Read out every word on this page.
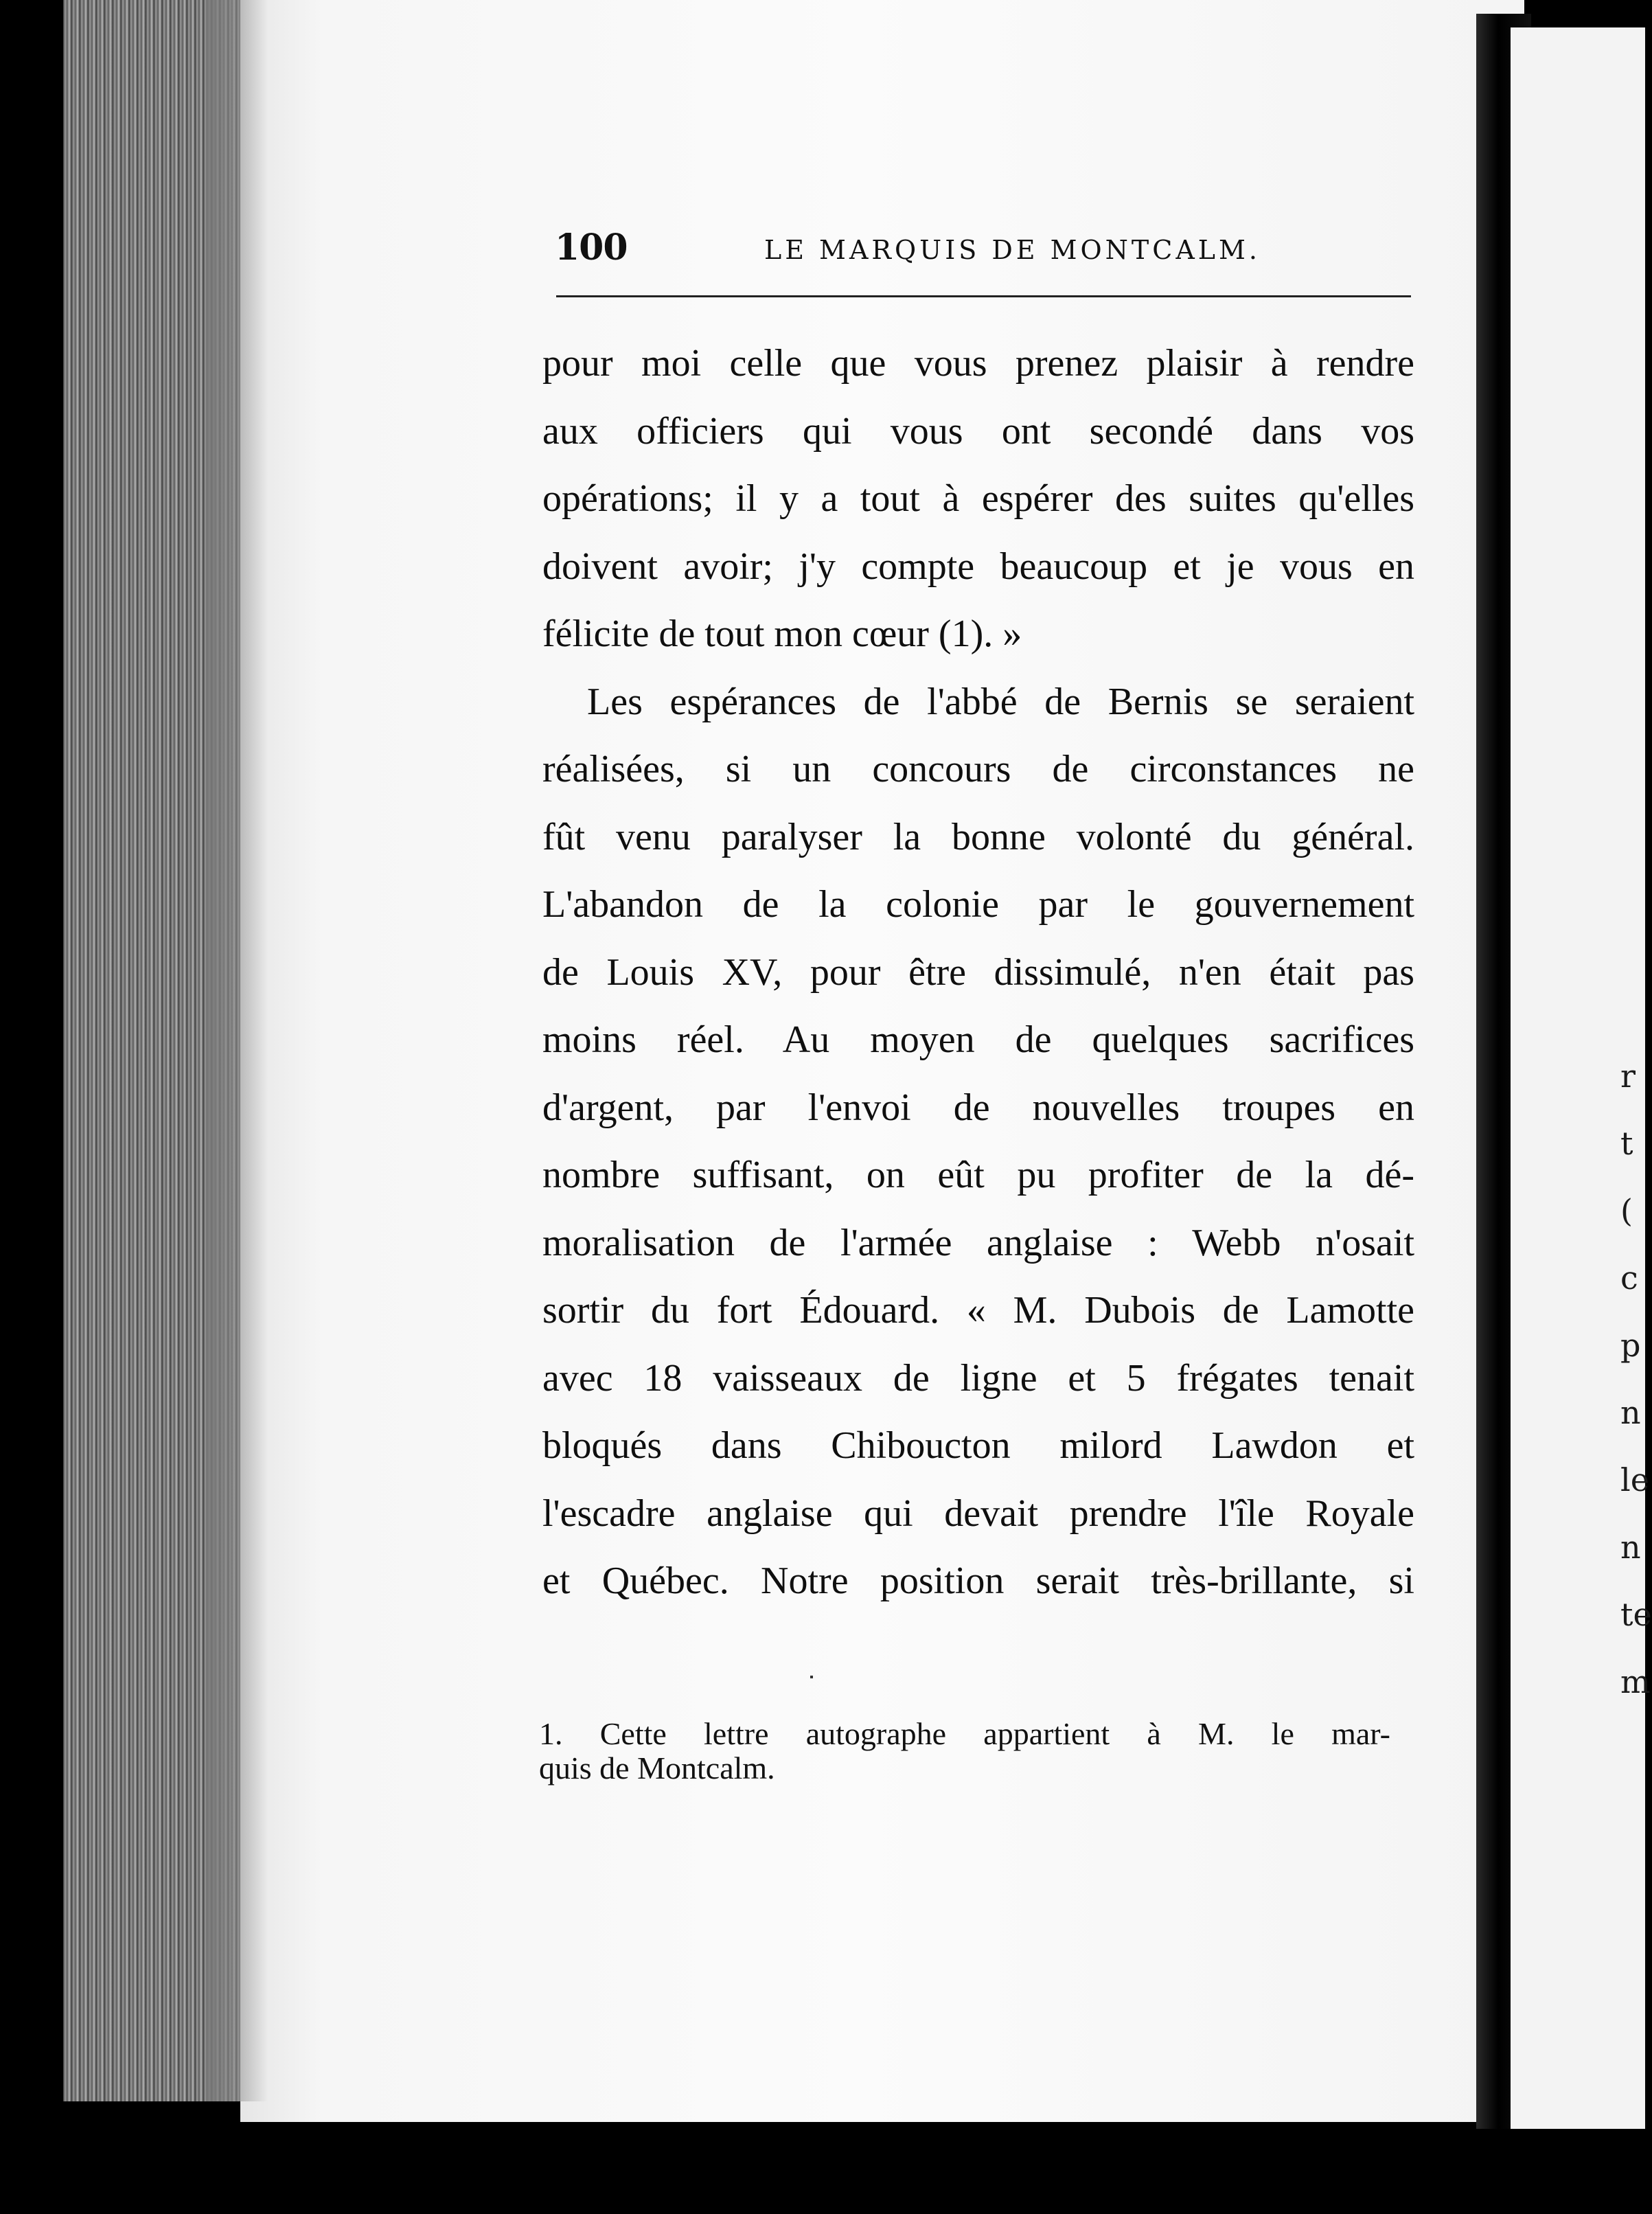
r
t
(
c
p
n
le
n
te
m
100	LE MARQUIS DE MONTCALM.
pour moi celle que vous prenez plaisir à rendre
aux officiers qui vous ont secondé dans vos
opérations; il y a tout à espérer des suites qu'elles
doivent avoir; j'y compte beaucoup et je vous en
félicite de tout mon cœur (1). »
Les espérances de l'abbé de Bernis se seraient
réalisées, si un concours de circonstances ne
fût venu paralyser la bonne volonté du général.
L'abandon de la colonie par le gouvernement
de Louis XV, pour être dissimulé, n'en était pas
moins réel. Au moyen de quelques sacrifices
d'argent, par l'envoi de nouvelles troupes en
nombre suffisant, on eût pu profiter de la dé-
moralisation de l'armée anglaise : Webb n'osait
sortir du fort Édouard. « M. Dubois de Lamotte
avec 18 vaisseaux de ligne et 5 frégates tenait
bloqués dans Chiboucton milord Lawdon et
l'escadre anglaise qui devait prendre l'île Royale
et Québec. Notre position serait très-brillante, si
1. Cette lettre autographe appartient à M. le mar-
quis de Montcalm.
